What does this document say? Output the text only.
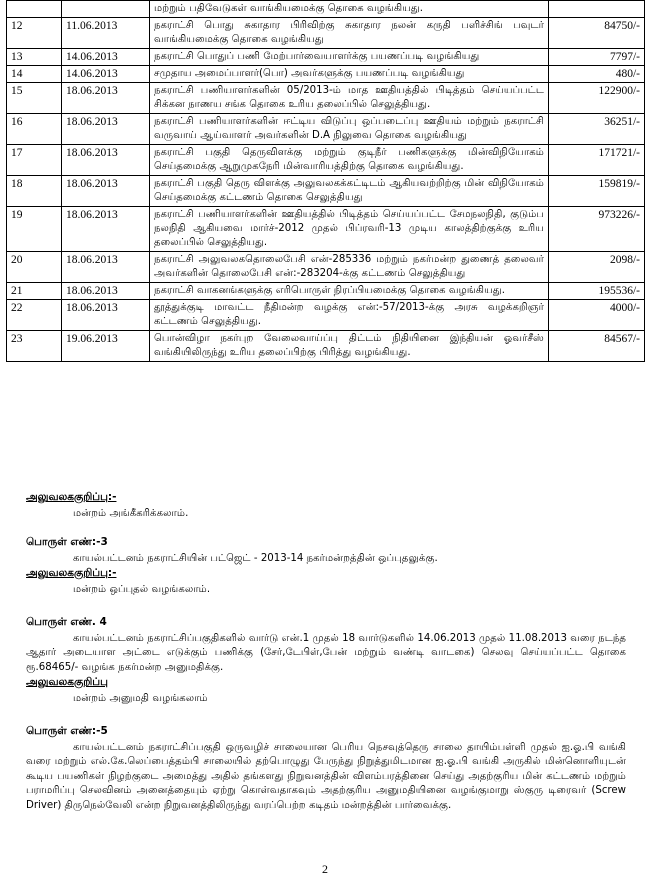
		மற்றும் பதிவேடுகள் வாங்கியமைக்கு தொகை வழங்கியது.	
12	11.06.2013	நகராட்சி பொது சுகாதார பிரிவிற்கு சுகாதார நலன் கருதி பளிச்சிங் பவுடர் வாங்கியமைக்கு தொகை வழங்கியது	84750/-
13	14.06.2013	நகராட்சி பொதுப் பணி மேற்பார்வையாளர்க்கு பயணப்படி வழங்கியது	7797/-
14	14.06.2013	சமுதாய அமைப்பாளர்(பொ) அவர்களுக்கு பயணப்படி வழங்கியது	480/-
15	18.06.2013	நகராட்சி பணியாளர்களின் 05/2013-ம் மாத ஊதியத்தில் பிடித்தம் செய்யப்பட்ட சிக்கன நாணய சங்க தொகை உரிய தலைப்பில் செலுத்தியது.	122900/-
16	18.06.2013	நகராட்சி பணியாளர்களின் ஈட்டிய விடுப்பு ஒப்படைப்பு ஊதியம் மற்றும் நகராட்சி வருவாய் ஆய்வாளர் அவர்களின் D.A நிலுவை தொகை வழங்கியது	36251/-
17	18.06.2013	நகராட்சி பகுதி தெருவிளக்கு மற்றும் குடிநீர் பணிகளுக்கு மின்விநியோகம் செய்தமைக்கு ஆறுமுகநேரி மின்வாரியத்திற்கு தொகை வழங்கியது.	171721/-
18	18.06.2013	நகராட்சி பகுதி தெரு விளக்கு அலுவலகக்கட்டிடம் ஆகியவற்றிற்கு மின் விநியோகம் செய்தமைக்கு கட்டணம் தொகை செலுத்தியது	159819/-
19	18.06.2013	நகராட்சி பணியாளர்களின் ஊதியத்தில் பிடித்தம் செய்யப்பட்ட சேமநலநிதி, குடும்ப நலநிதி ஆகியவை மார்ச்-2012 முதல் பிப்ரவரி-13 முடிய காலத்திற்குக்கு உரிய தலைப்பில் செலுத்தியது.	973226/-
20	18.06.2013	நகராட்சி அலுவலகதொலைபேசி என்-285336 மற்றும் நகர்மன்ற துணைத் தலைவர் அவர்களின் தொலைபேசி என்:-283204-க்கு கட்டணம் செலுத்தியது	2098/-
21	18.06.2013	நகராட்சி வாகனங்களுக்கு எரிபொருள் நிரப்பியமைக்கு தொகை வழங்கியது.	195536/-
22	18.06.2013	தூத்துக்குடி மாவட்ட நீதிமன்ற வழக்கு என்:-57/2013-க்கு அரசு வழக்கறிஞர் கட்டணம் செலுத்தியது.	4000/-
23	19.06.2013	பொன்விழா நகர்புற வேலைவாய்ப்பு திட்டம் நிதியினை இந்தியன் ஓவர்சீஸ் வங்கியிலிருந்து உரிய தலைப்பிற்கு பிரித்து வழங்கியது.	84567/-

அலுவலககுறிப்பு:-

மன்றம் அங்கீகரிக்கலாம்.

பொருள் எண்:-3

காயல்பட்டனம் நகராட்சியின் பட்ஜெட் - 2013-14 நகர்மன்றத்தின் ஒப்புதலுக்கு.

அலுவலககுறிப்பு:-

மன்றம் ஒப்புதல் வழங்கலாம்.

பொருள் எண். 4

காயல்பட்டனம் நகராட்சிப்பகுதிகளில் வார்டு என்.1 முதல் 18 வார்டுகளில் 14.06.2013 முதல் 11.08.2013 வரை நடந்த ஆதார் அடையாள அட்டை எடுக்கும் பணிக்கு (சேர்,டேபிள்,பேன் மற்றும் வண்டி வாடகை) செலவு செய்யப்பட்ட தொகை ரூ.68465/- வழங்க நகர்மன்ற அனுமதிக்கு.

அலுவலககுறிப்பு

மன்றம் அனுமதி வழங்கலாம்

பொருள் எண்:-5

காயல்பட்டனம் நகராட்சிப்பகுதி ஒருவழிச் சாலையான பெரிய நெசவுத்தெரு சாலை தாயிம்பள்ளி முதல் ஐ.ஓ.பி வங்கி வரை மற்றும் எல்.கே.லெப்பைத்தம்பி சாலையில் தற்பொழுது பேருந்து நிறுத்துமிடமான ஐ.ஓ.பி வங்கி அருகில் மின்னொளியுடன் கூடிய பயணிகள் நிழற்குடை அமைத்து அதில் தங்களது நிறுவனத்தின் விளம்பரத்தினை செய்து அதற்குரிய மின் கட்டணம் மற்றும் பராமரிப்பு செலவினம் அனைத்தையும் ஏற்று கொள்வதாகவும் அதற்குரிய அனுமதியினை வழங்குமாறு ஸ்குரு டிரைவர் (Screw Driver) திருநெல்வேலி என்ற நிறுவனத்திலிருந்து வரப்பெற்ற கடிதம் மன்றத்தின் பார்வைக்கு.

2
